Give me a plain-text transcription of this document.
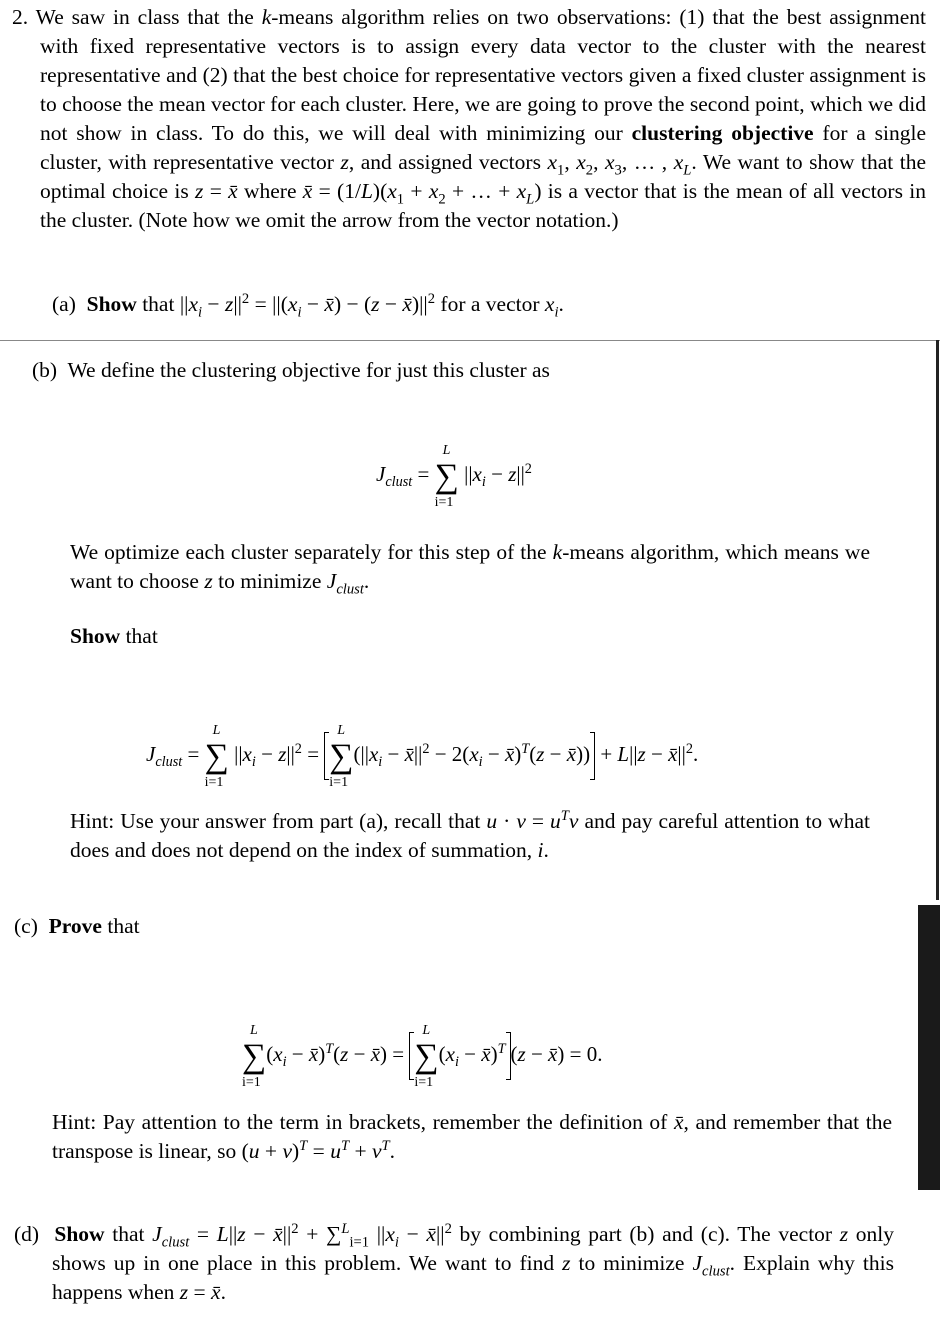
2. We saw in class that the k-means algorithm relies on two observations: (1) that the best assignment with fixed representative vectors is to assign every data vector to the cluster with the nearest representative and (2) that the best choice for representative vectors given a fixed cluster assignment is to choose the mean vector for each cluster. Here, we are going to prove the second point, which we did not show in class. To do this, we will deal with minimizing our clustering objective for a single cluster, with representative vector z, and assigned vectors $x_1$, $x_2$, $x_3$, … , $x_L$. We want to show that the optimal choice is z = x̄ where x̄ = $(1/L)(x_1 + x_2$ + … + $x_L$) is a vector that is the mean of all vectors in the cluster. (Note how we omit the arrow from the vector notation.)
(a) Show that $||x_i - z||^2 = ||(x_i$ − x̄) − $(z - x̄)||^2$ for a vector $x_i$.
(b) We define the clustering objective for just this cluster as
$J_{clust}$ = ∑
L
i=1
$||x_i - z||^2$
We optimize each cluster separately for this step of the k-means algorithm, which means we want to choose z to minimize $J_{clust}$.
Show that
$J_{clust}$ = ∑
L
i=1
$||x_i - z||^2$ = ∑
L
i=1
($||x_i$ − $x̄||^2 - 2(x_i$ − x̄)$^T$(z − x̄)) + $L||z - x̄||^2$.
Hint: Use your answer from part (a), recall that $u \cdot v = u^Tv$ and pay careful attention to what does and does not depend on the index of summation, i.
(c) Prove that
∑
L
i=1
($x_i$ − x̄)$^T$(z − x̄) = ∑
L
i=1
($x_i$ − x̄)$^T$ (z − x̄) = 0.
Hint: Pay attention to the term in brackets, remember the definition of x̄, and remember that the transpose is linear, so $(u + v)^T = u^T + v^T$.
(d) Show that $J_{clust} = L||z$ − $x̄||^2 + \sum^L_{i=1}$ $||x_i$ − $x̄||^2$ by combining part (b) and (c). The vector z only shows up in one place in this problem. We want to find z to minimize $J_{clust}$. Explain why this happens when z = x̄.
